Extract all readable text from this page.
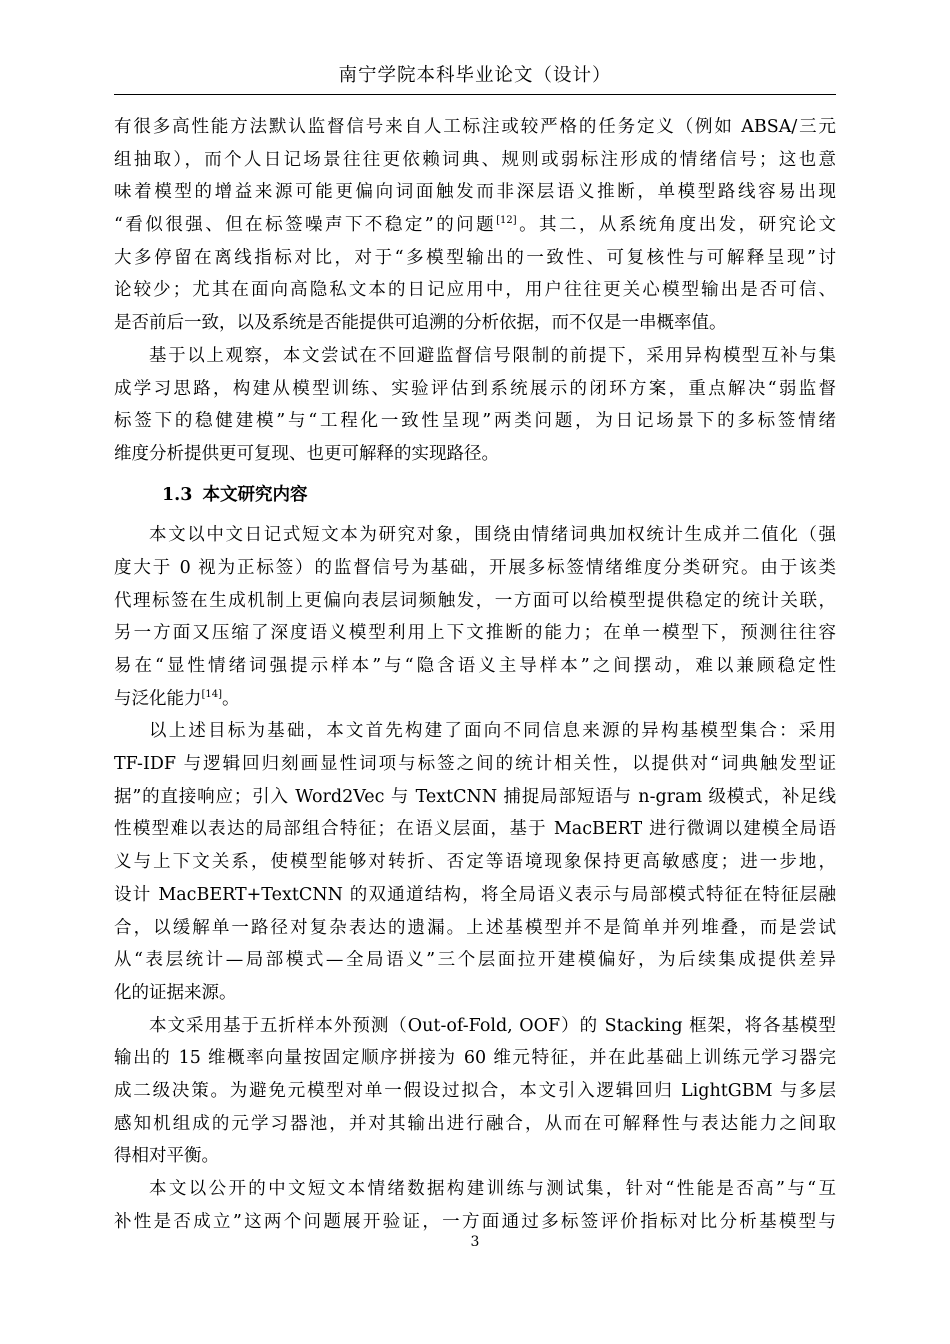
南宁学院本科毕业论文（设计）
有很多高性能方法默认监督信号来自人工标注或较严格的任务定义（例如 ABSA/三元
组抽取），而个人日记场景往往更依赖词典、规则或弱标注形成的情绪信号；这也意
味着模型的增益来源可能更偏向词面触发而非深层语义推断，单模型路线容易出现
“看似很强、但在标签噪声下不稳定”的问题[12]。其二，从系统角度出发，研究论文
大多停留在离线指标对比，对于“多模型输出的一致性、可复核性与可解释呈现”讨
论较少；尤其在面向高隐私文本的日记应用中，用户往往更关心模型输出是否可信、
是否前后一致，以及系统是否能提供可追溯的分析依据，而不仅是一串概率值。
基于以上观察，本文尝试在不回避监督信号限制的前提下，采用异构模型互补与集
成学习思路，构建从模型训练、实验评估到系统展示的闭环方案，重点解决“弱监督
标签下的稳健建模”与“工程化一致性呈现”两类问题，为日记场景下的多标签情绪
维度分析提供更可复现、也更可解释的实现路径。
1.3 本文研究内容
本文以中文日记式短文本为研究对象，围绕由情绪词典加权统计生成并二值化（强
度大于 0 视为正标签）的监督信号为基础，开展多标签情绪维度分类研究。由于该类
代理标签在生成机制上更偏向表层词频触发，一方面可以给模型提供稳定的统计关联，
另一方面又压缩了深度语义模型利用上下文推断的能力；在单一模型下，预测往往容
易在“显性情绪词强提示样本”与“隐含语义主导样本”之间摆动，难以兼顾稳定性
与泛化能力[14]。
以上述目标为基础，本文首先构建了面向不同信息来源的异构基模型集合：采用
TF-IDF 与逻辑回归刻画显性词项与标签之间的统计相关性，以提供对“词典触发型证
据”的直接响应；引入 Word2Vec 与 TextCNN 捕捉局部短语与 n-gram 级模式，补足线
性模型难以表达的局部组合特征；在语义层面，基于 MacBERT 进行微调以建模全局语
义与上下文关系，使模型能够对转折、否定等语境现象保持更高敏感度；进一步地，
设计 MacBERT+TextCNN 的双通道结构，将全局语义表示与局部模式特征在特征层融
合，以缓解单一路径对复杂表达的遗漏。上述基模型并不是简单并列堆叠，而是尝试
从“表层统计—局部模式—全局语义”三个层面拉开建模偏好，为后续集成提供差异
化的证据来源。
本文采用基于五折样本外预测（Out-of-Fold, OOF）的 Stacking 框架，将各基模型
输出的 15 维概率向量按固定顺序拼接为 60 维元特征，并在此基础上训练元学习器完
成二级决策。为避免元模型对单一假设过拟合，本文引入逻辑回归 LightGBM 与多层
感知机组成的元学习器池，并对其输出进行融合，从而在可解释性与表达能力之间取
得相对平衡。
本文以公开的中文短文本情绪数据构建训练与测试集，针对“性能是否高”与“互
补性是否成立”这两个问题展开验证，一方面通过多标签评价指标对比分析基模型与
3
